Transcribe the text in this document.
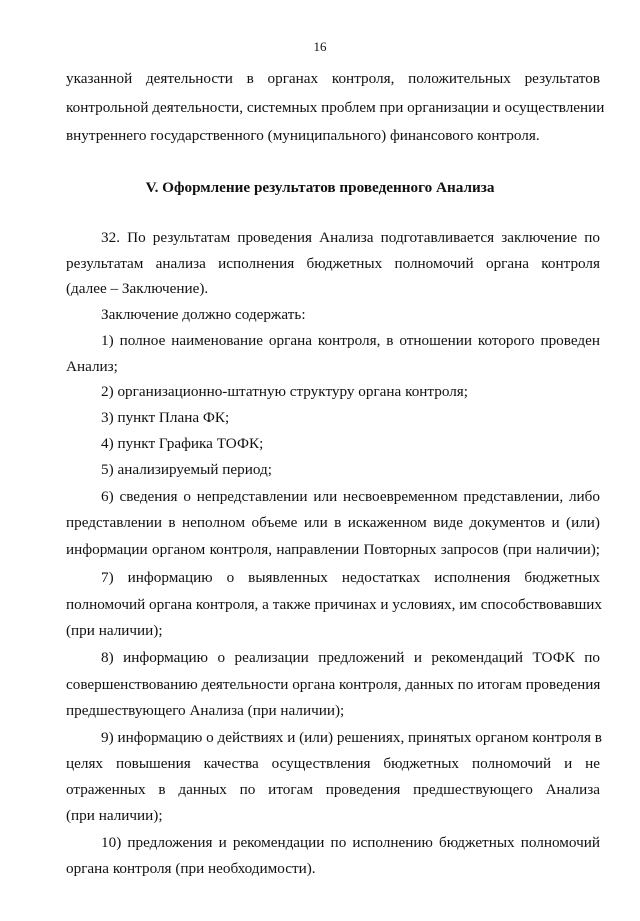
16
указанной деятельности в органах контроля, положительных результатов
контрольной деятельности, системных проблем при организации и осуществлении
внутреннего государственного (муниципального) финансового контроля.
V. Оформление результатов проведенного Анализа
32. По результатам проведения Анализа подготавливается заключение по
результатам анализа исполнения бюджетных полномочий органа контроля
(далее – Заключение).
Заключение должно содержать:
1) полное наименование органа контроля, в отношении которого проведен
Анализ;
2) организационно-штатную структуру органа контроля;
3) пункт Плана ФК;
4) пункт Графика ТОФК;
5) анализируемый период;
6) сведения о непредставлении или несвоевременном представлении, либо
представлении в неполном объеме или в искаженном виде документов и (или)
информации органом контроля, направлении Повторных запросов (при наличии);
7) информацию о выявленных недостатках исполнения бюджетных
полномочий органа контроля, а также причинах и условиях, им способствовавших
(при наличии);
8) информацию о реализации предложений и рекомендаций ТОФК по
совершенствованию деятельности органа контроля, данных по итогам проведения
предшествующего Анализа (при наличии);
9) информацию о действиях и (или) решениях, принятых органом контроля в
целях повышения качества осуществления бюджетных полномочий и не
отраженных в данных по итогам проведения предшествующего Анализа
(при наличии);
10) предложения и рекомендации по исполнению бюджетных полномочий
органа контроля (при необходимости).
